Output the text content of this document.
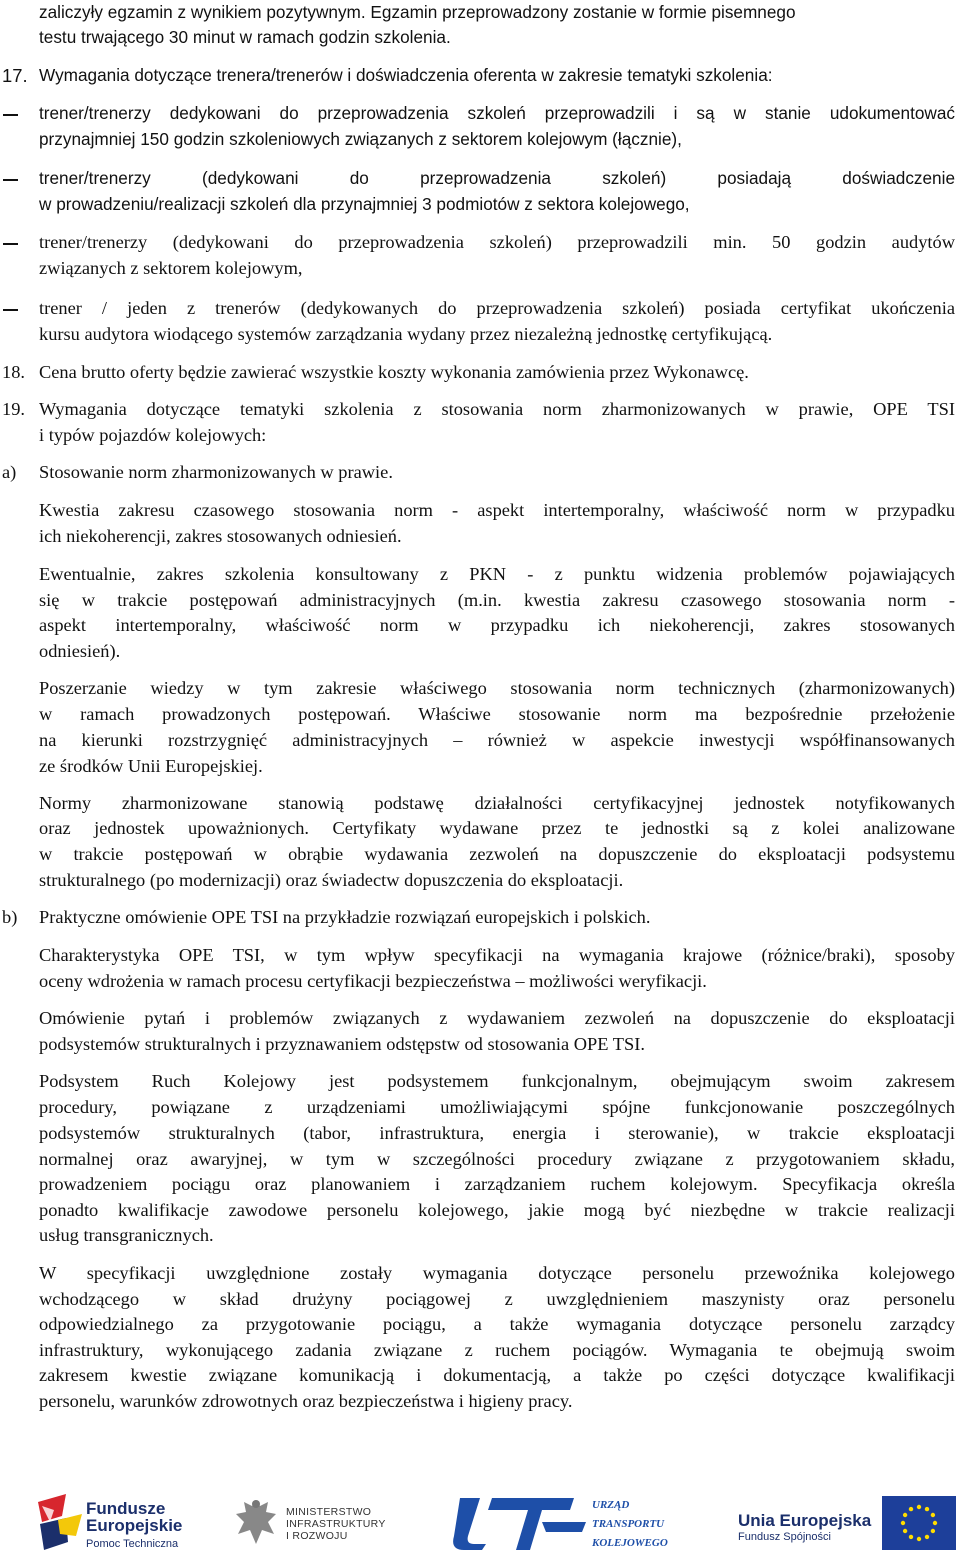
zaliczyły egzamin z wynikiem pozytywnym. Egzamin przeprowadzony zostanie w formie pisemnego
testu trwającego 30 minut w ramach godzin szkolenia.
Wymagania dotyczące trenera/trenerów i doświadczenia oferenta w zakresie tematyki szkolenia:
trener/trenerzy dedykowani do przeprowadzenia szkoleń przeprowadzili i są w stanie udokumentować
przynajmniej 150 godzin szkoleniowych związanych z sektorem kolejowym (łącznie),
trener/trenerzy (dedykowani do przeprowadzenia szkoleń) posiadają doświadczenie
w prowadzeniu/realizacji szkoleń dla przynajmniej 3 podmiotów z sektora kolejowego,
trener/trenerzy (dedykowani do przeprowadzenia szkoleń) przeprowadzili min. 50 godzin audytów
związanych z sektorem kolejowym,
trener / jeden z trenerów (dedykowanych do przeprowadzenia szkoleń) posiada certyfikat ukończenia
kursu audytora wiodącego systemów zarządzania wydany przez niezależną jednostkę certyfikującą.
Cena brutto oferty będzie zawierać wszystkie koszty wykonania zamówienia przez Wykonawcę.
Wymagania dotyczące tematyki szkolenia z stosowania norm zharmonizowanych w prawie, OPE TSI
i typów pojazdów kolejowych:
Stosowanie norm zharmonizowanych w prawie.
Kwestia zakresu czasowego stosowania norm - aspekt intertemporalny, właściwość norm w przypadku
ich niekoherencji, zakres stosowanych odniesień.
Ewentualnie, zakres szkolenia konsultowany z PKN - z punktu widzenia problemów pojawiających
się w trakcie postępowań administracyjnych (m.in. kwestia zakresu czasowego stosowania norm -
aspekt intertemporalny, właściwość norm w przypadku ich niekoherencji, zakres stosowanych
odniesień).
Poszerzanie wiedzy w tym zakresie właściwego stosowania norm technicznych (zharmonizowanych)
w ramach prowadzonych postępowań. Właściwe stosowanie norm ma bezpośrednie przełożenie
na kierunki rozstrzygnięć administracyjnych – również w aspekcie inwestycji współfinansowanych
ze środków Unii Europejskiej.
Normy zharmonizowane stanowią podstawę działalności certyfikacyjnej jednostek notyfikowanych
oraz jednostek upoważnionych. Certyfikaty wydawane przez te jednostki są z kolei analizowane
w trakcie postępowań w obrąbie wydawania zezwoleń na dopuszczenie do eksploatacji podsystemu
strukturalnego (po modernizacji) oraz świadectw dopuszczenia do eksploatacji.
Praktyczne omówienie OPE TSI na przykładzie rozwiązań europejskich i polskich.
Charakterystyka OPE TSI, w tym wpływ specyfikacji na wymagania krajowe (różnice/braki), sposoby
oceny wdrożenia w ramach procesu certyfikacji bezpieczeństwa – możliwości weryfikacji.
Omówienie pytań i problemów związanych z wydawaniem zezwoleń na dopuszczenie do eksploatacji
podsystemów strukturalnych i przyznawaniem odstępstw od stosowania OPE TSI.
Podsystem Ruch Kolejowy jest podsystemem funkcjonalnym, obejmującym swoim zakresem
procedury, powiązane z urządzeniami umożliwiającymi spójne funkcjonowanie poszczególnych
podsystemów strukturalnych (tabor, infrastruktura, energia i sterowanie), w trakcie eksploatacji
normalnej oraz awaryjnej, w tym w szczególności procedury związane z przygotowaniem składu,
prowadzeniem pociągu oraz planowaniem i zarządzaniem ruchem kolejowym. Specyfikacja określa
ponadto kwalifikacje zawodowe personelu kolejowego, jakie mogą być niezbędne w trakcie realizacji
usług transgranicznych.
W specyfikacji uwzględnione zostały wymagania dotyczące personelu przewoźnika kolejowego
wchodzącego w skład drużyny pociągowej z uwzględnieniem maszynisty oraz personelu
odpowiedzialnego za przygotowanie pociągu, a także wymagania dotyczące personelu zarządcy
infrastruktury, wykonującego zadania związane z ruchem pociągów. Wymagania te obejmują swoim
zakresem kwestie związane komunikacją i dokumentacją, a także po części dotyczące kwalifikacji
personelu, warunków zdrowotnych oraz bezpieczeństwa i higieny pracy.
17.
18.
19.
a)
b)
Fundusze
Europejskie
Pomoc Techniczna
MINISTERSTWO
INFRASTRUKTURY
I ROZWOJU
URZĄD
TRANSPORTU
KOLEJOWEGO
Unia Europejska
Fundusz Spójności
